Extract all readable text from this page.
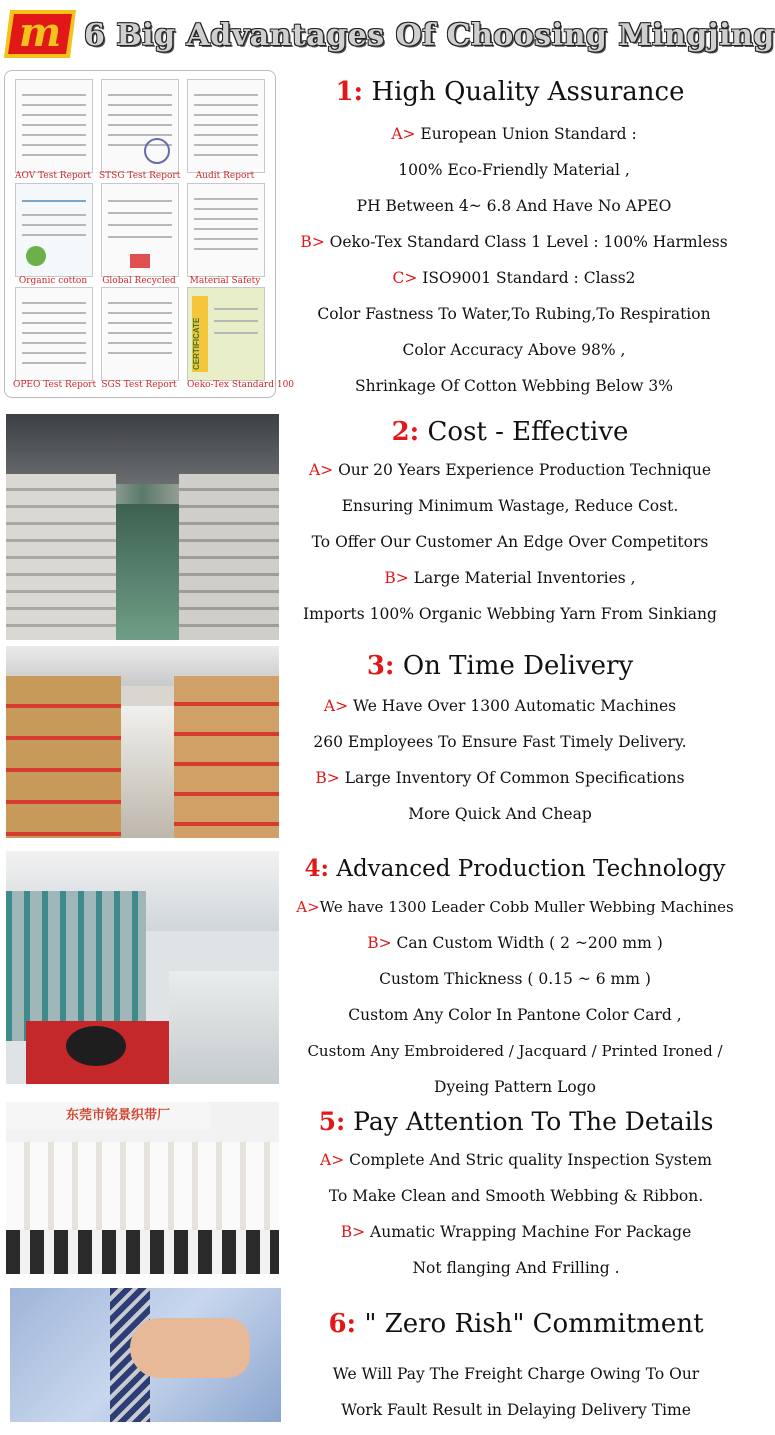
m 6 Big Advantages Of Choosing Mingjing
AOV Test Report STSG Test Report	Audit Report
Organic cotton	Global Recycled	Material Safety
CERTIFICATE
OPEO Test Report SGS Test Report Oeko-Tex Standard 100
东莞市铭景织带厂
1: High Quality Assurance
A> European Union Standard :
100% Eco-Friendly Material ,
PH Between 4~ 6.8 And Have No APEO
B> Oeko-Tex Standard Class 1 Level : 100% Harmless
C> ISO9001 Standard : Class2
Color Fastness To Water,To Rubing,To Respiration
Color Accuracy Above 98% ,
Shrinkage Of Cotton Webbing Below 3%
2: Cost - Effective
A> Our 20 Years Experience Production Technique
Ensuring Minimum Wastage, Reduce Cost.
To Offer Our Customer An Edge Over Competitors
B> Large Material Inventories ,
Imports 100% Organic Webbing Yarn From Sinkiang
3: On Time Delivery
A> We Have Over 1300 Automatic Machines
260 Employees To Ensure Fast Timely Delivery.
B> Large Inventory Of Common Specifications
More Quick And Cheap
4: Advanced Production Technology
A>We have 1300 Leader Cobb Muller Webbing Machines
B> Can Custom Width ( 2 ~200 mm )
Custom Thickness ( 0.15 ~ 6 mm )
Custom Any Color In Pantone Color Card ,
Custom Any Embroidered / Jacquard / Printed Ironed /
Dyeing Pattern Logo
5: Pay Attention To The Details
A> Complete And Stric quality Inspection System
To Make Clean and Smooth Webbing & Ribbon.
B> Aumatic Wrapping Machine For Package
Not flanging And Frilling .
6: " Zero Rish" Commitment
We Will Pay The Freight Charge Owing To Our
Work Fault Result in Delaying Delivery Time
